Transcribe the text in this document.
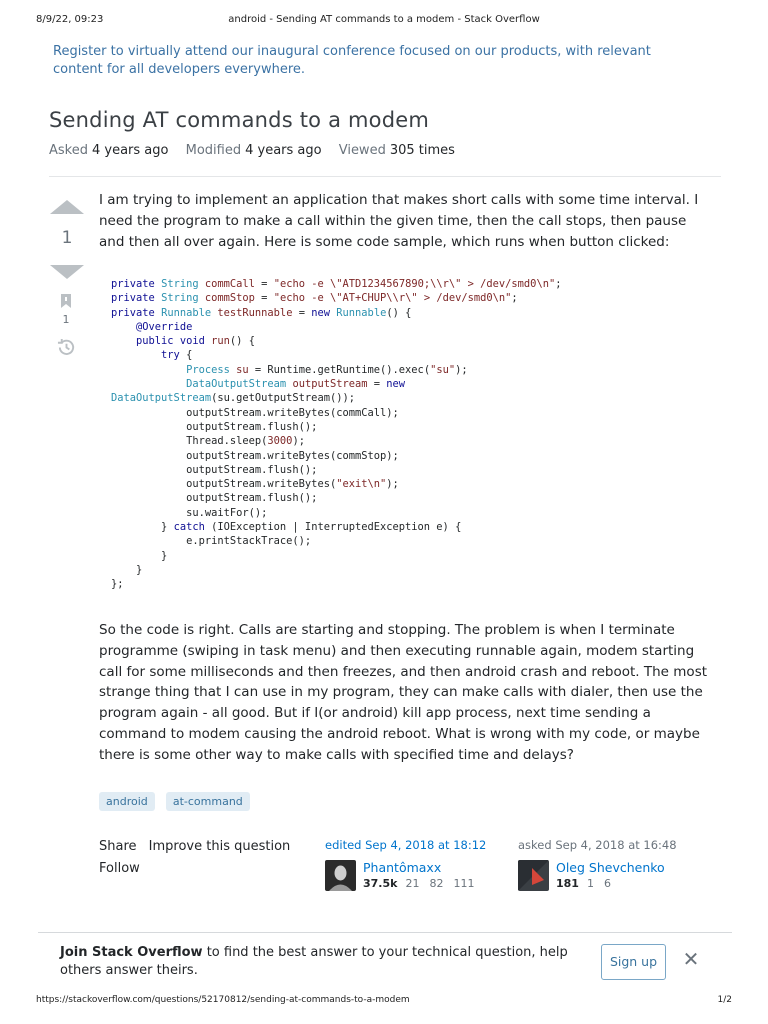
8/9/22, 09:23	android - Sending AT commands to a modem - Stack Overflow
Register to virtually attend our inaugural conference focused on our products, with relevant content for all developers everywhere.
Sending AT commands to a modem
Asked 4 years ago Modified 4 years ago Viewed 305 times
1
1
I am trying to implement an application that makes short calls with some time interval. I need the program to make a call within the given time, then the call stops, then pause and then all over again. Here is some code sample, which runs when button clicked:
private String commCall = "echo -e \"ATD1234567890;\\r\" > /dev/smd0\n";
private String commStop = "echo -e \"AT+CHUP\\r\" > /dev/smd0\n";
private Runnable testRunnable = new Runnable() {
@Override
public void run() {
try {
Process su = Runtime.getRuntime().exec("su");
DataOutputStream outputStream = new
DataOutputStream(su.getOutputStream());
outputStream.writeBytes(commCall);
outputStream.flush();
Thread.sleep(3000);
outputStream.writeBytes(commStop);
outputStream.flush();
outputStream.writeBytes("exit\n");
outputStream.flush();
su.waitFor();
} catch (IOException | InterruptedException e) {
e.printStackTrace();
}
}
};
So the code is right. Calls are starting and stopping. The problem is when I terminate programme (swiping in task menu) and then executing runnable again, modem starting call for some milliseconds and then freezes, and then android crash and reboot. The most strange thing that I can use in my program, they can make calls with dialer, then use the program again - all good. But if I(or android) kill app process, next time sending a command to modem causing the android reboot. What is wrong with my code, or maybe there is some other way to make calls with specified time and delays?
android at-command
Share Improve this question
Follow
edited Sep 4, 2018 at 18:12
Phantômaxx
37.5k 21 82 111
asked Sep 4, 2018 at 16:48
Oleg Shevchenko
181 1 6
Join Stack Overflow to find the best answer to your technical question, help others answer theirs.
Sign up	✕
https://stackoverflow.com/questions/52170812/sending-at-commands-to-a-modem	1/2
